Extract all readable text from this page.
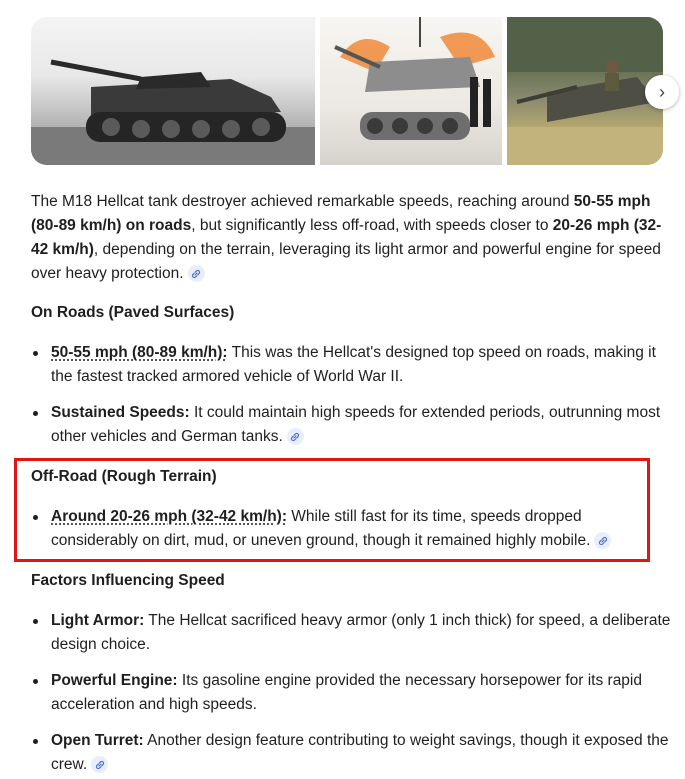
›
The M18 Hellcat tank destroyer achieved remarkable speeds, reaching around 50-55 mph (80-89 km/h) on roads, but significantly less off-road, with speeds closer to 20-26 mph (32-42 km/h), depending on the terrain, leveraging its light armor and powerful engine for speed over heavy protection.
On Roads (Paved Surfaces)
50-55 mph (80-89 km/h): This was the Hellcat's designed top speed on roads, making it the fastest tracked armored vehicle of World War II.
Sustained Speeds: It could maintain high speeds for extended periods, outrunning most other vehicles and German tanks.
Off-Road (Rough Terrain)
Around 20-26 mph (32-42 km/h): While still fast for its time, speeds dropped considerably on dirt, mud, or uneven ground, though it remained highly mobile.
Factors Influencing Speed
Light Armor: The Hellcat sacrificed heavy armor (only 1 inch thick) for speed, a deliberate design choice.
Powerful Engine: Its gasoline engine provided the necessary horsepower for its rapid acceleration and high speeds.
Open Turret: Another design feature contributing to weight savings, though it exposed the crew.
